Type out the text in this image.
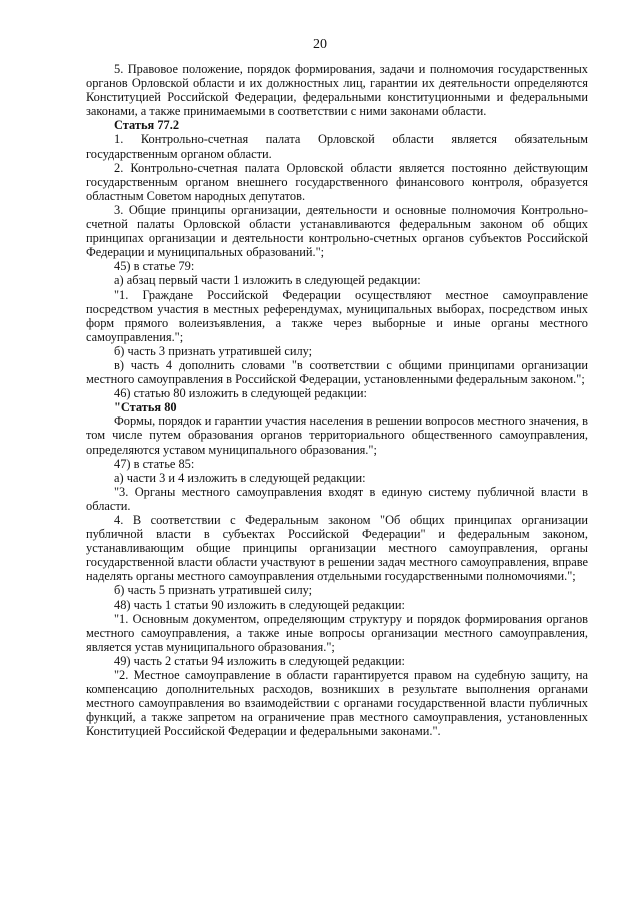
20

5. Правовое положение, порядок формирования, задачи и полномочия государственных органов Орловской области и их должностных лиц, гарантии их деятельности определяются Конституцией Российской Федерации, федеральными конституционными и федеральными законами, а также принимаемыми в соответствии с ними законами области.

Статья 77.2

1. Контрольно-счетная палата Орловской области является обязательным государственным органом области.

2. Контрольно-счетная палата Орловской области является постоянно действующим государственным органом внешнего государственного финансового контроля, образуется областным Советом народных депутатов.

3. Общие принципы организации, деятельности и основные полномочия Контрольно-счетной палаты Орловской области устанавливаются федеральным законом об общих принципах организации и деятельности контрольно-счетных органов субъектов Российской Федерации и муниципальных образований.";

45) в статье 79:

а) абзац первый части 1 изложить в следующей редакции:

"1. Граждане Российской Федерации осуществляют местное самоуправление посредством участия в местных референдумах, муниципальных выборах, посредством иных форм прямого волеизъявления, а также через выборные и иные органы местного самоуправления.";

б) часть 3 признать утратившей силу;

в) часть 4 дополнить словами "в соответствии с общими принципами организации местного самоуправления в Российской Федерации, установленными федеральным законом.";

46) статью 80 изложить в следующей редакции:

"Статья 80

Формы, порядок и гарантии участия населения в решении вопросов местного значения, в том числе путем образования органов территориального общественного самоуправления, определяются уставом муниципального образования.";

47) в статье 85:

а) части 3 и 4 изложить в следующей редакции:

"3. Органы местного самоуправления входят в единую систему публичной власти в области.

4. В соответствии с Федеральным законом "Об общих принципах организации публичной власти в субъектах Российской Федерации" и федеральным законом, устанавливающим общие принципы организации местного самоуправления, органы государственной власти области участвуют в решении задач местного самоуправления, вправе наделять органы местного самоуправления отдельными государственными полномочиями.";

б) часть 5 признать утратившей силу;

48) часть 1 статьи 90 изложить в следующей редакции:

"1. Основным документом, определяющим структуру и порядок формирования органов местного самоуправления, а также иные вопросы организации местного самоуправления, является устав муниципального образования.";

49) часть 2 статьи 94 изложить в следующей редакции:

"2. Местное самоуправление в области гарантируется правом на судебную защиту, на компенсацию дополнительных расходов, возникших в результате выполнения органами местного самоуправления во взаимодействии с органами государственной власти публичных функций, а также запретом на ограничение прав местного самоуправления, установленных Конституцией Российской Федерации и федеральными законами.".
